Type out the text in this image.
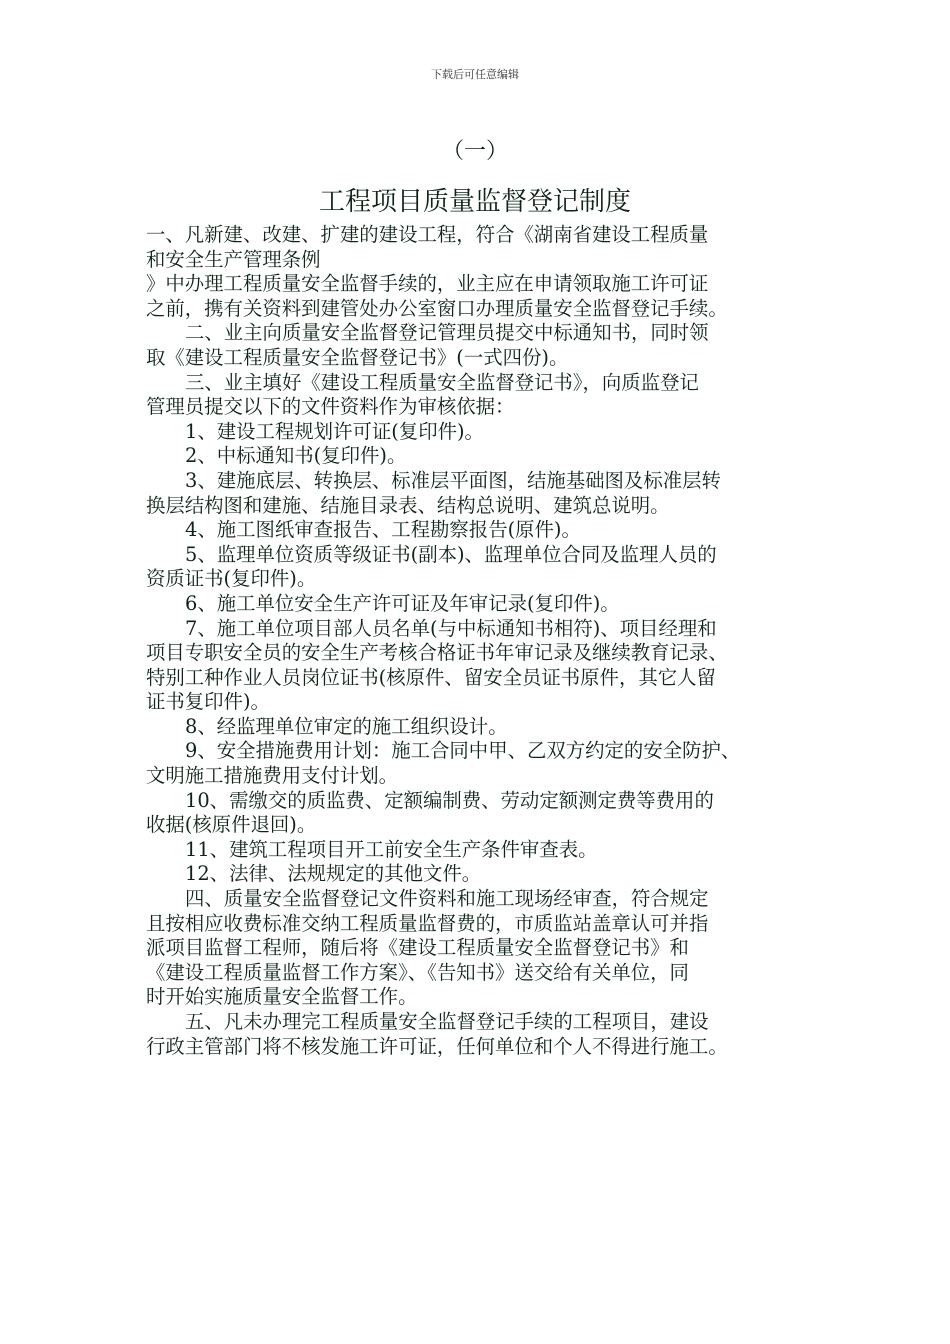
下载后可任意编辑
（一）
工程项目质量监督登记制度
一、凡新建、改建、扩建的建设工程，符合《湖南省建设工程质量
和安全生产管理条例
》中办理工程质量安全监督手续的，业主应在申请领取施工许可证
之前，携有关资料到建管处办公室窗口办理质量安全监督登记手续。
二、业主向质量安全监督登记管理员提交中标通知书，同时领
取《建设工程质量安全监督登记书》(一式四份)。
三、业主填好《建设工程质量安全监督登记书》，向质监登记
管理员提交以下的文件资料作为审核依据：
1、建设工程规划许可证(复印件)。
2、中标通知书(复印件)。
3、建施底层、转换层、标准层平面图，结施基础图及标准层转
换层结构图和建施、结施目录表、结构总说明、建筑总说明。
4、施工图纸审查报告、工程勘察报告(原件)。
5、监理单位资质等级证书(副本)、监理单位合同及监理人员的
资质证书(复印件)。
6、施工单位安全生产许可证及年审记录(复印件)。
7、施工单位项目部人员名单(与中标通知书相符)、项目经理和
项目专职安全员的安全生产考核合格证书年审记录及继续教育记录、
特别工种作业人员岗位证书(核原件、留安全员证书原件，其它人留
证书复印件)。
8、经监理单位审定的施工组织设计。
9、安全措施费用计划：施工合同中甲、乙双方约定的安全防护、
文明施工措施费用支付计划。
10、需缴交的质监费、定额编制费、劳动定额测定费等费用的
收据(核原件退回)。
11、建筑工程项目开工前安全生产条件审查表。
12、法律、法规规定的其他文件。
四、质量安全监督登记文件资料和施工现场经审查，符合规定
且按相应收费标准交纳工程质量监督费的，市质监站盖章认可并指
派项目监督工程师，随后将《建设工程质量安全监督登记书》和
《建设工程质量监督工作方案》、《告知书》送交给有关单位，同
时开始实施质量安全监督工作。
五、凡未办理完工程质量安全监督登记手续的工程项目，建设
行政主管部门将不核发施工许可证，任何单位和个人不得进行施工。
